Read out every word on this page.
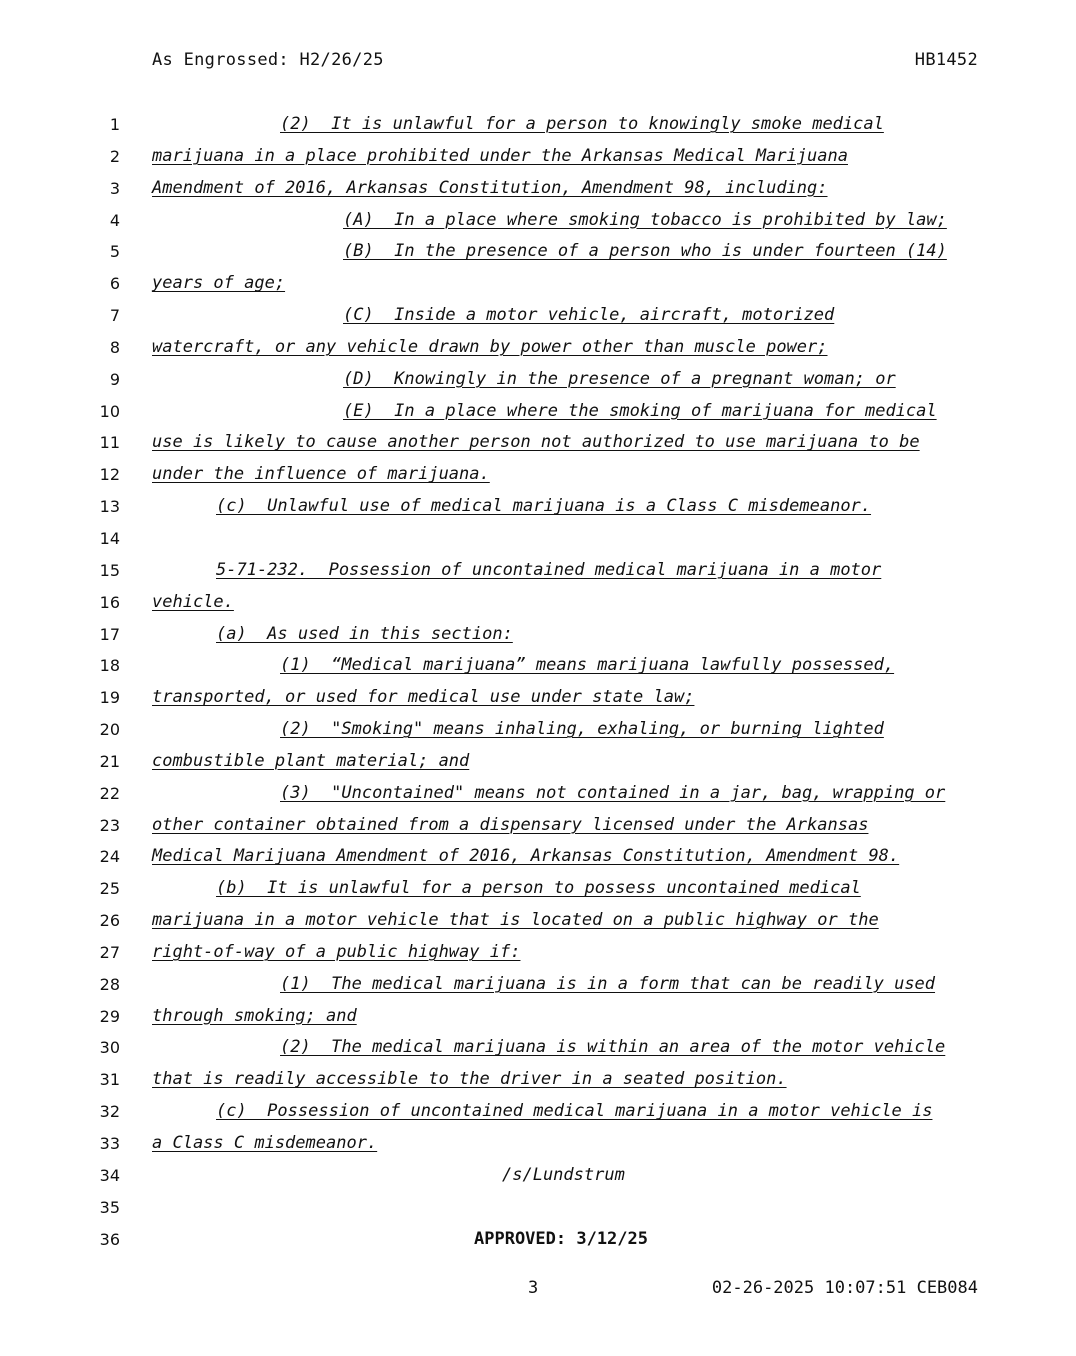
As Engrossed: H2/26/25	HB1452
1	(2)  It is unlawful for a person to knowingly smoke medical
2 marijuana in a place prohibited under the Arkansas Medical Marijuana
3 Amendment of 2016, Arkansas Constitution, Amendment 98, including:
4	(A)  In a place where smoking tobacco is prohibited by law;
5	(B)  In the presence of a person who is under fourteen (14)
6 years of age;
7	(C)  Inside a motor vehicle, aircraft, motorized
8 watercraft, or any vehicle drawn by power other than muscle power;
9	(D)  Knowingly in the presence of a pregnant woman; or
10	(E)  In a place where the smoking of marijuana for medical
11 use is likely to cause another person not authorized to use marijuana to be
12 under the influence of marijuana.
13	(c)  Unlawful use of medical marijuana is a Class C misdemeanor.
14
15	5-71-232.  Possession of uncontained medical marijuana in a motor
16 vehicle.
17	(a)  As used in this section:
18	(1)  “Medical marijuana” means marijuana lawfully possessed,
19 transported, or used for medical use under state law;
20	(2)  "Smoking" means inhaling, exhaling, or burning lighted
21 combustible plant material; and
22	(3)  "Uncontained" means not contained in a jar, bag, wrapping or
23 other container obtained from a dispensary licensed under the Arkansas
24 Medical Marijuana Amendment of 2016, Arkansas Constitution, Amendment 98.
25	(b)  It is unlawful for a person to possess uncontained medical
26 marijuana in a motor vehicle that is located on a public highway or the
27 right-of-way of a public highway if:
28	(1)  The medical marijuana is in a form that can be readily used
29 through smoking; and
30	(2)  The medical marijuana is within an area of the motor vehicle
31 that is readily accessible to the driver in a seated position.
32	(c)  Possession of uncontained medical marijuana in a motor vehicle is
33 a Class C misdemeanor.
34	/s/Lundstrum
35
36	APPROVED: 3/12/25
3	02-26-2025 10:07:51 CEB084
